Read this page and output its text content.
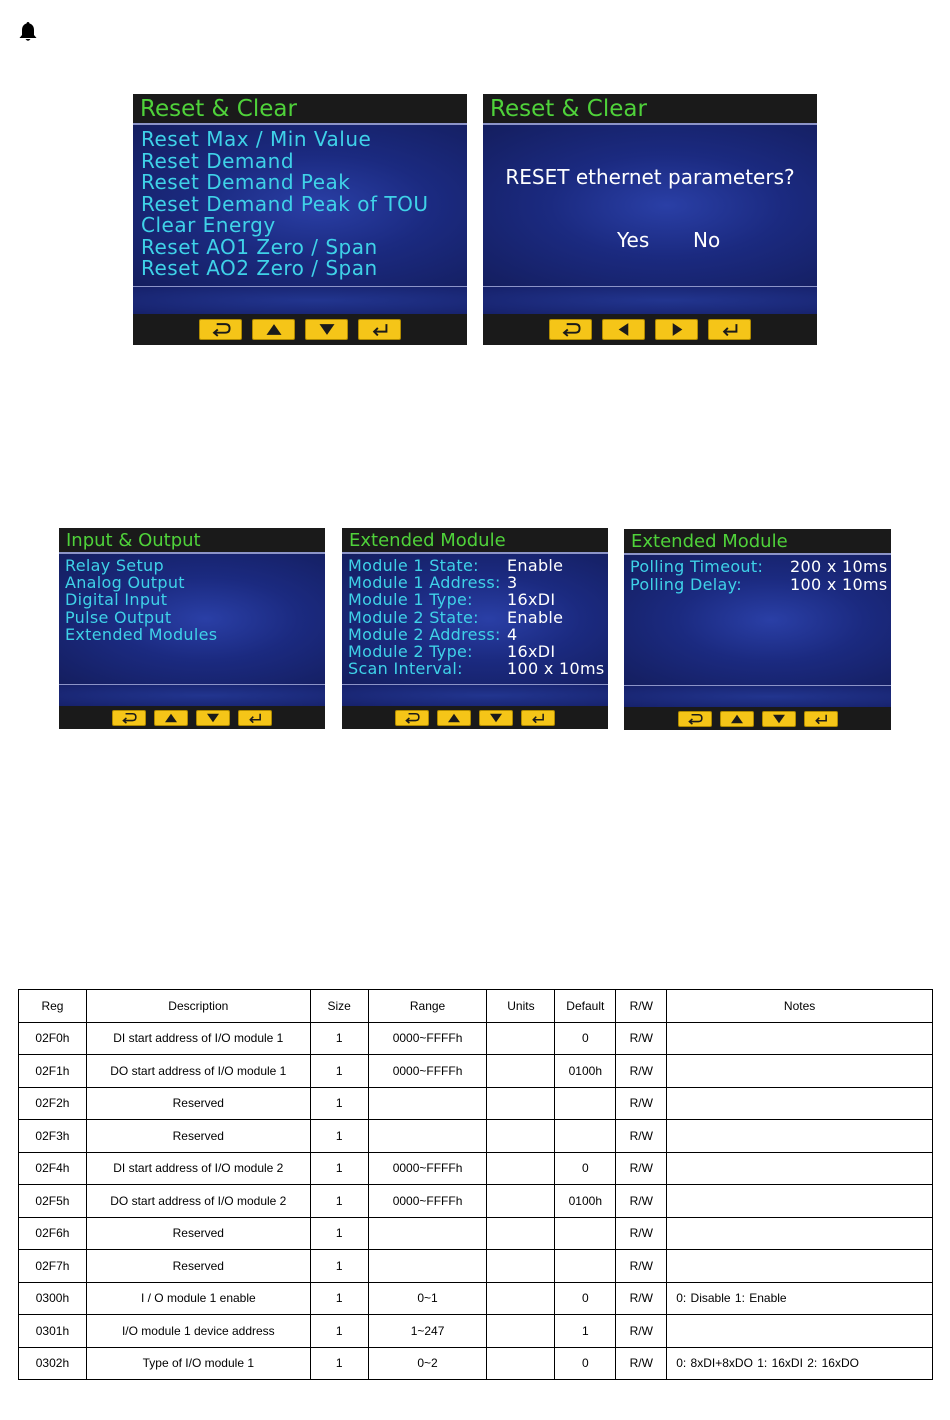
Reset & Clear
Reset Max / Min Value
Reset Demand
Reset Demand Peak
Reset Demand Peak of TOU
Clear Energy
Reset AO1 Zero / Span
Reset AO2 Zero / Span
Reset & Clear
RESET ethernet parameters?
Yes No
Input & Output
Relay Setup
Analog Output
Digital Input
Pulse Output
Extended Modules
Extended Module
Module 1 State: Enable
Module 1 Address: 3
Module 1 Type: 16xDI
Module 2 State: Enable
Module 2 Address: 4
Module 2 Type: 16xDI
Scan Interval:	100 x 10ms
Extended Module
Polling Timeout: 200 x 10ms
Polling Delay:	100 x 10ms
Reg	Description	Size	Range	Units	Default	R/W	Notes
02F0h	DI start address of I/O module 1	1	0000~FFFFh		0	R/W	
02F1h	DO start address of I/O module 1	1	0000~FFFFh		0100h	R/W	
02F2h	Reserved	1				R/W	
02F3h	Reserved	1				R/W	
02F4h	DI start address of I/O module 2	1	0000~FFFFh		0	R/W	
02F5h	DO start address of I/O module 2	1	0000~FFFFh		0100h	R/W	
02F6h	Reserved	1				R/W	
02F7h	Reserved	1				R/W	
0300h	I / O module 1 enable	1	0~1		0	R/W	0: Disable 1: Enable
0301h	I/O module 1 device address	1	1~247		1	R/W	
0302h	Type of I/O module 1	1	0~2		0	R/W	0: 8xDI+8xDO 1: 16xDI 2: 16xDO
